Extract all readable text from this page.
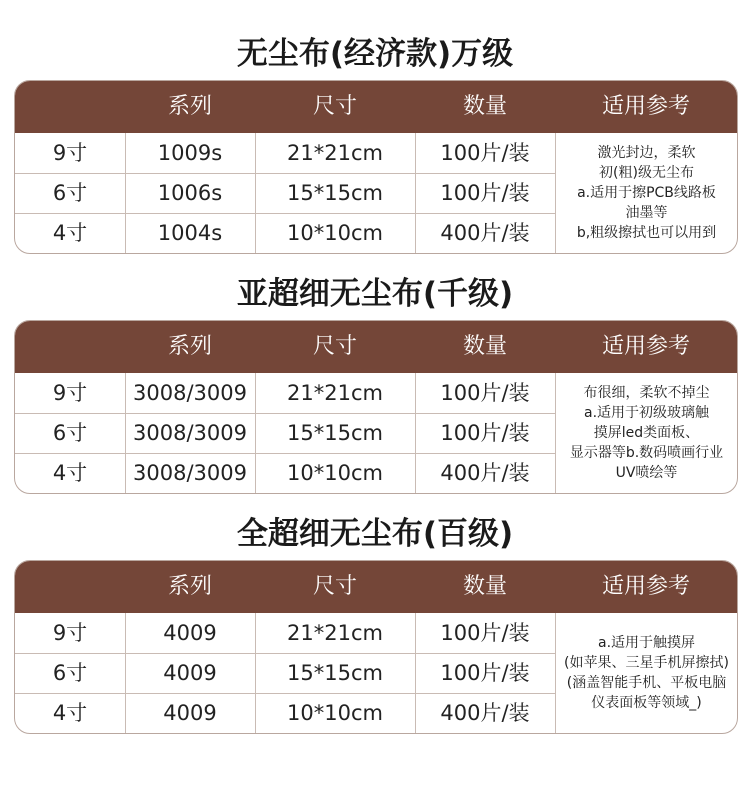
无尘布(经济款)万级
系列	尺寸	数量	适用参考
9寸	1009s	21*21cm	100片/装
6寸	1006s	15*15cm	100片/装
4寸	1004s	10*10cm	400片/装
激光封边，柔软
初(粗)级无尘布
a.适用于擦PCB线路板
油墨等
b,粗级擦拭也可以用到
亚超细无尘布(千级)
系列	尺寸	数量	适用参考
9寸	3008/3009	21*21cm	100片/装
6寸	3008/3009	15*15cm	100片/装
4寸	3008/3009	10*10cm	400片/装
布很细，柔软不掉尘
a.适用于初级玻璃触
摸屏led类面板、
显示器等b.数码喷画行业
UV喷绘等
全超细无尘布(百级)
系列	尺寸	数量	适用参考
9寸	4009	21*21cm	100片/装
6寸	4009	15*15cm	100片/装
4寸	4009	10*10cm	400片/装
a.适用于触摸屏
(如苹果、三星手机屏擦拭)
(涵盖智能手机、平板电脑
仪表面板等领域_)
